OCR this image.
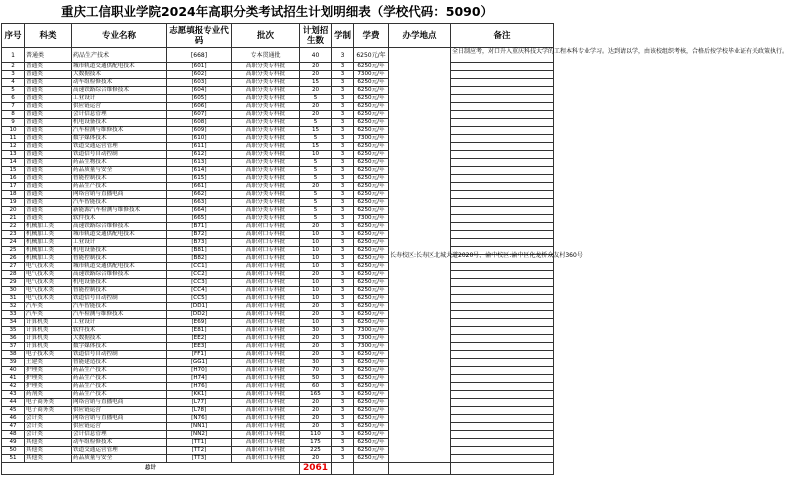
重庆工信职业学院2024年高职分类考试招生计划明细表（学校代码：5090）
序号	科类	专业名称	志愿填报专业代码	批次	计划招生数	学制	学费	办学地点	备注
1	普通类	药品生产技术	[668]	专本贯通批	40	3	6250元/年	长寿校区:长寿区北城大道2020号、渝中校区:渝中区化龙桥众友村360号	全日制应考，对口升入重庆科技大学的工程本科专业学习。达到请以学，由该校组织考核，合格后按学校毕业证有关政策执行。
2	普通类	城市轨道交通供配电技术	[601]	高职分类专科批	20	3	6250元/年		
3	普通类	大数据技术	[602]	高职分类专科批	20	3	7300元/年		
4	普通类	动车组检修技术	[603]	高职分类专科批	15	3	6250元/年		
5	普通类	高速铁路综合维修技术	[604]	高职分类专科批	20	3	6250元/年		
6	普通类	工业设计	[605]	高职分类专科批	5	3	6250元/年		
7	普通类	供应链运营	[606]	高职分类专科批	20	3	6250元/年		
8	普通类	会计信息管理	[607]	高职分类专科批	20	3	6250元/年		
9	普通类	机电设备技术	[608]	高职分类专科批	5	3	6250元/年		
10	普通类	汽车检测与维修技术	[609]	高职分类专科批	15	3	6250元/年		
11	普通类	数字媒体技术	[610]	高职分类专科批	5	3	7300元/年		
12	普通类	铁道交通运营管理	[611]	高职分类专科批	15	3	6250元/年		
13	普通类	铁道信号自动控制	[612]	高职分类专科批	10	3	6250元/年		
14	普通类	药品生物技术	[613]	高职分类专科批	5	3	6250元/年		
15	普通类	药品质量与安全	[614]	高职分类专科批	5	3	6250元/年		
16	普通类	智能控制技术	[615]	高职分类专科批	5	3	6250元/年		
17	普通类	药品生产技术	[661]	高职分类专科批	20	3	6250元/年		
18	普通类	网络营销与直播电商	[662]	高职分类专科批	5	3	6250元/年		
19	普通类	汽车智能技术	[663]	高职分类专科批	5	3	6250元/年		
20	普通类	新能源汽车检测与维修技术	[664]	高职分类专科批	5	3	6250元/年		
21	普通类	软件技术	[665]	高职分类专科批	5	3	7300元/年		
22	机械加工类	高速铁路综合维修技术	[B71]	高职对口专科批	20	3	6250元/年		
23	机械加工类	城市轨道交通供配电技术	[B72]	高职对口专科批	10	3	6250元/年		
24	机械加工类	工业设计	[B73]	高职对口专科批	10	3	6250元/年		
25	机械加工类	机电设备技术	[B81]	高职对口专科批	10	3	6250元/年		
26	机械加工类	智能控制技术	[B82]	高职对口专科批	10	3	6250元/年		
27	电气技术类	城市轨道交通供配电技术	[CC1]	高职对口专科批	10	3	6250元/年		
28	电气技术类	高速铁路综合维修技术	[CC2]	高职对口专科批	20	3	6250元/年		
29	电气技术类	机电设备技术	[CC3]	高职对口专科批	10	3	6250元/年		
30	电气技术类	智能控制技术	[CC4]	高职对口专科批	10	3	6250元/年		
31	电气技术类	铁道信号自动控制	[CC5]	高职对口专科批	10	3	6250元/年		
32	汽车类	汽车智能技术	[DD1]	高职对口专科批	20	3	6250元/年		
33	汽车类	汽车检测与维修技术	[DD2]	高职对口专科批	20	3	6250元/年		
34	计算机类	工业设计	[E69]	高职对口专科批	10	3	6250元/年		
35	计算机类	软件技术	[E81]	高职对口专科批	30	3	7300元/年		
36	计算机类	大数据技术	[EE2]	高职对口专科批	20	3	7300元/年		
37	计算机类	数字媒体技术	[EE3]	高职对口专科批	20	3	7300元/年		
38	电子技术类	铁道信号自动控制	[FF1]	高职对口专科批	20	3	6250元/年		
39	土建类	智能建造技术	[GG1]	高职对口专科批	30	3	6250元/年		
40	护理类	药品生产技术	[H70]	高职对口专科批	70	3	6250元/年		
41	护理类	药品生产技术	[H74]	高职对口专科批	50	3	6250元/年		
42	护理类	药品生产技术	[H76]	高职对口专科批	60	3	6250元/年		
43	药剂类	药品生产技术	[KK1]	高职对口专科批	165	3	6250元/年		
44	电子商务类	网络营销与直播电商	[L77]	高职对口专科批	20	3	6250元/年		
45	电子商务类	供应链运营	[L78]	高职对口专科批	20	3	6250元/年		
46	会计类	网络营销与直播电商	[N76]	高职对口专科批	20	3	6250元/年		
47	会计类	供应链运营	[NN1]	高职对口专科批	20	3	6250元/年		
48	会计类	会计信息管理	[NN2]	高职对口专科批	110	3	6250元/年		
49	其他类	动车组检修技术	[TT1]	高职对口专科批	175	3	6250元/年		
50	其他类	铁道交通运营管理	[TT2]	高职对口专科批	225	3	6250元/年		
51	其他类	药品质量与安全	[TT3]	高职对口专科批	20	3	6250元/年		
总计					2061				
